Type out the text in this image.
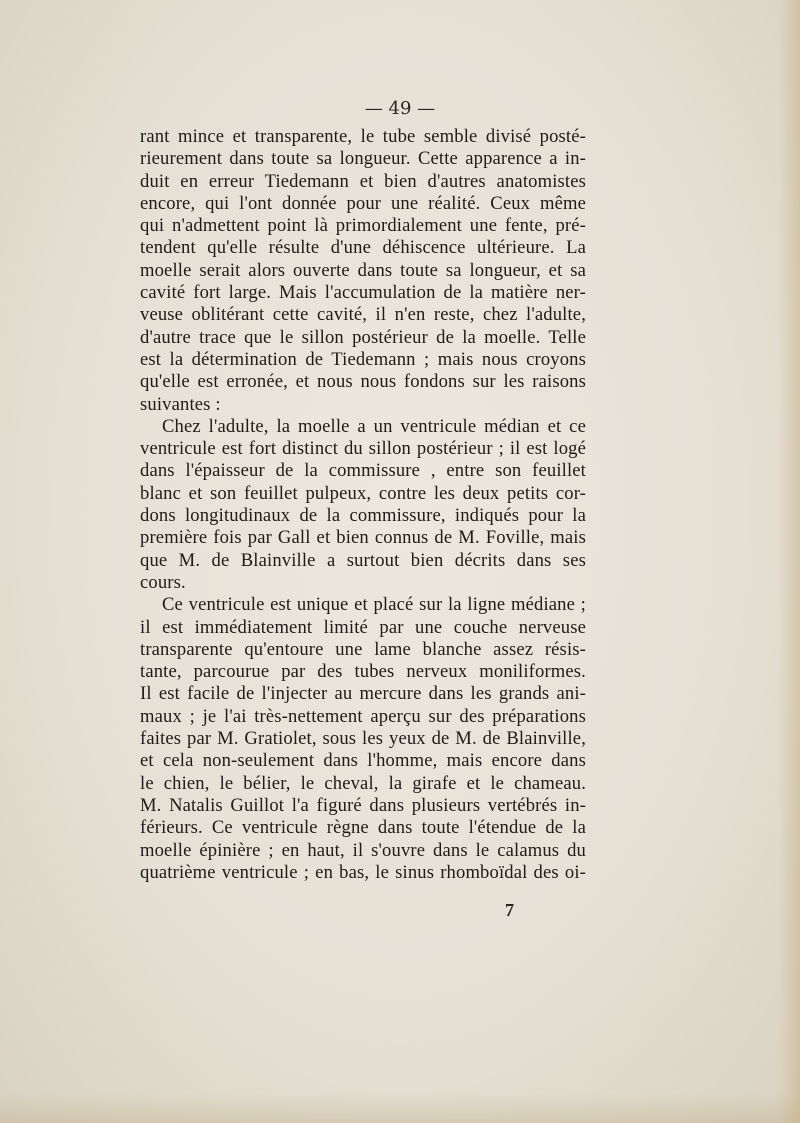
— 49 —

rant mince et transparente, le tube semble divisé posté-

rieurement dans toute sa longueur. Cette apparence a in-

duit en erreur Tiedemann et bien d'autres anatomistes

encore, qui l'ont donnée pour une réalité. Ceux même

qui n'admettent point là primordialement une fente, pré-

tendent qu'elle résulte d'une déhiscence ultérieure. La

moelle serait alors ouverte dans toute sa longueur, et sa

cavité fort large. Mais l'accumulation de la matière ner-

veuse oblitérant cette cavité, il n'en reste, chez l'adulte,

d'autre trace que le sillon postérieur de la moelle. Telle

est la détermination de Tiedemann ; mais nous croyons

qu'elle est erronée, et nous nous fondons sur les raisons

suivantes :

Chez l'adulte, la moelle a un ventricule médian et ce

ventricule est fort distinct du sillon postérieur ; il est logé

dans l'épaisseur de la commissure , entre son feuillet

blanc et son feuillet pulpeux, contre les deux petits cor-

dons longitudinaux de la commissure, indiqués pour la

première fois par Gall et bien connus de M. Foville, mais

que M. de Blainville a surtout bien décrits dans ses

cours.

Ce ventricule est unique et placé sur la ligne médiane ;

il est immédiatement limité par une couche nerveuse

transparente qu'entoure une lame blanche assez résis-

tante, parcourue par des tubes nerveux moniliformes.

Il est facile de l'injecter au mercure dans les grands ani-

maux ; je l'ai très-nettement aperçu sur des préparations

faites par M. Gratiolet, sous les yeux de M. de Blainville,

et cela non-seulement dans l'homme, mais encore dans

le chien, le bélier, le cheval, la girafe et le chameau.

M. Natalis Guillot l'a figuré dans plusieurs vertébrés in-

férieurs. Ce ventricule règne dans toute l'étendue de la

moelle épinière ; en haut, il s'ouvre dans le calamus du

quatrième ventricule ; en bas, le sinus rhomboïdal des oi-

7
